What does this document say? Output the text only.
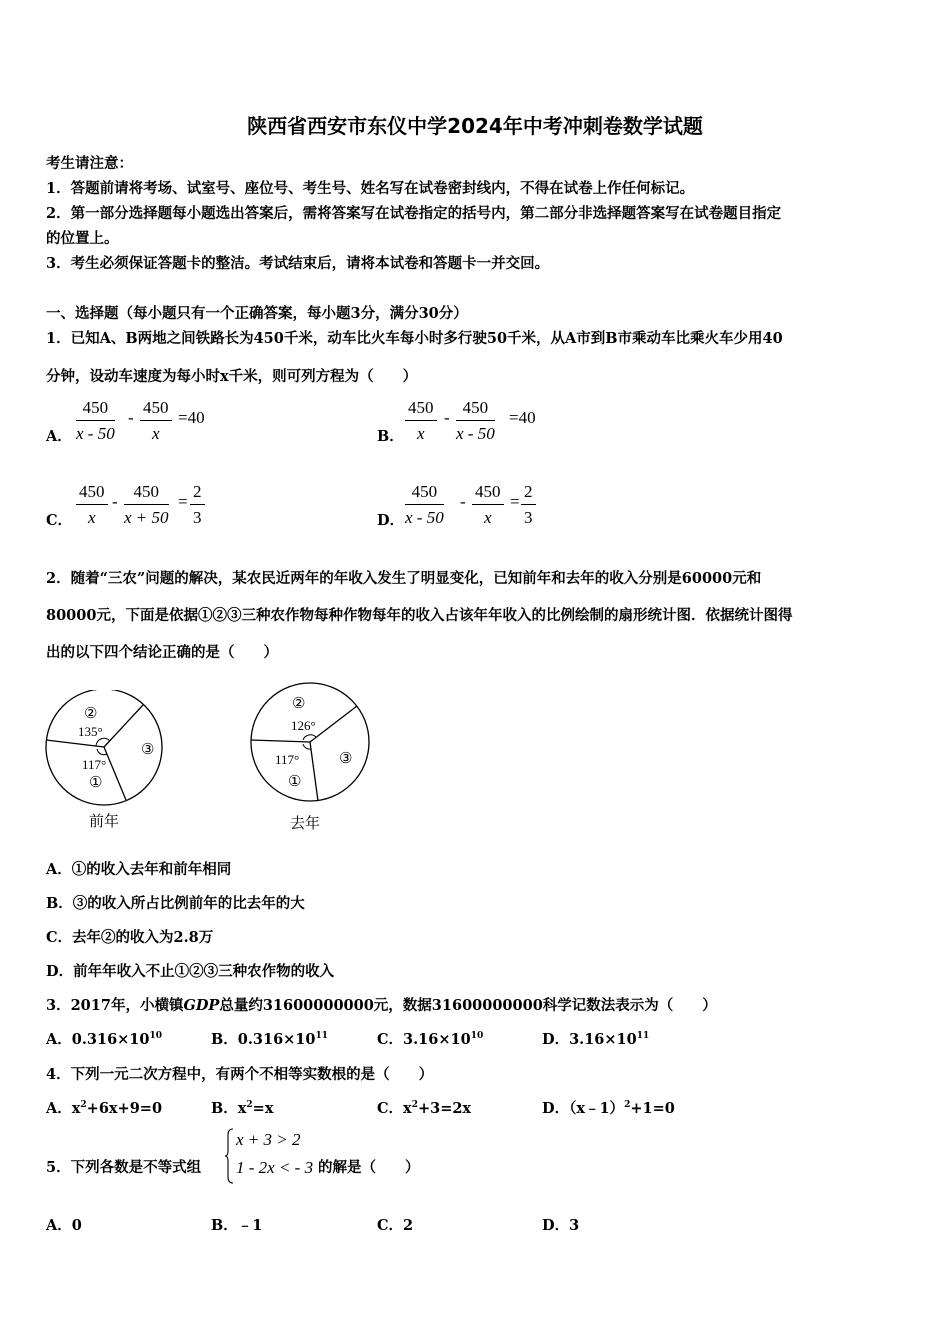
陕西省西安市东仪中学2024年中考冲刺卷数学试题
考生请注意：
1．答题前请将考场、试室号、座位号、考生号、姓名写在试卷密封线内，不得在试卷上作任何标记。
2．第一部分选择题每小题选出答案后，需将答案写在试卷指定的括号内，第二部分非选择题答案写在试卷题目指定
的位置上。
3．考生必须保证答题卡的整洁。考试结束后，请将本试卷和答题卡一并交回。
一、选择题（每小题只有一个正确答案，每小题3分，满分30分）
1．已知A、B两地之间铁路长为450千米，动车比火车每小时多行驶50千米，从A市到B市乘动车比乘火车少用40
分钟，设动车速度为每小时x千米，则可列方程为（　　）
A． $\frac{450}{x - 50} - \frac{450}{x} =40$
B． $\frac{450}{x} - \frac{450}{x - 50} =40$
C． $\frac{450}{x} - \frac{450}{x + 50} = \frac{2}{3}$	D． $\frac{450}{x - 50} - \frac{450}{x} = \frac{2}{3}$
2．随着“三农”问题的解决，某农民近两年的年收入发生了明显变化，已知前年和去年的收入分别是60000元和
80000元，下面是依据①②③三种农作物每种作物每年的收入占该年年收入的比例绘制的扇形统计图．依据统计图得
出的以下四个结论正确的是（　　）
②
135°
117°
①
③
前年
②
126°
117°
①
③
去年
A．①的收入去年和前年相同
B．③的收入所占比例前年的比去年的大
C．去年②的收入为2.8万
D．前年年收入不止①②③三种农作物的收入
3．2017年，小横镇GDP总量约31600000000元，数据31600000000科学记数法表示为（　　）
A．$0.316\times 10^{10}$	B．$0.316\times 10^{11}$	C．$3.16\times 10^{10}$	D．$3.16\times 10^{11}$
4．下列一元二次方程中，有两个不相等实数根的是（　　）
A．$x^2+6x+9=0$	B．$x^2=x$	C．$x^2+3=2x$	D．（x﹣1）$^2$+1=0
5．下列各数是不等式组
x + 3 > 2
1 - 2x < - 3 的解是（　　）
A．0	B．﹣1	C．2	D．3
